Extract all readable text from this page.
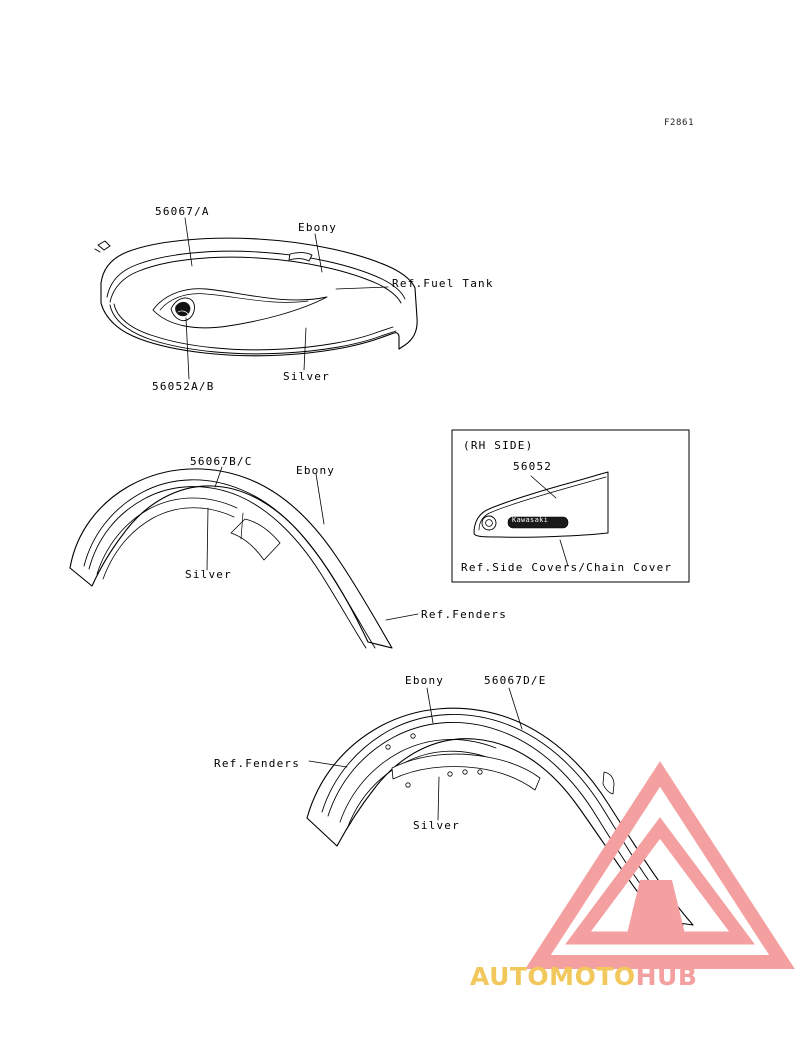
AUTOMOTOHUB
F2861
56067/A
Ebony
Ref.Fuel Tank
56052A/B
Silver
56067B/C
Ebony
Silver
Ref.Fenders
(RH SIDE)
56052
Ref.Side Covers/Chain Cover
Kawasaki
Ebony	56067D/E
Ref.Fenders
Silver
